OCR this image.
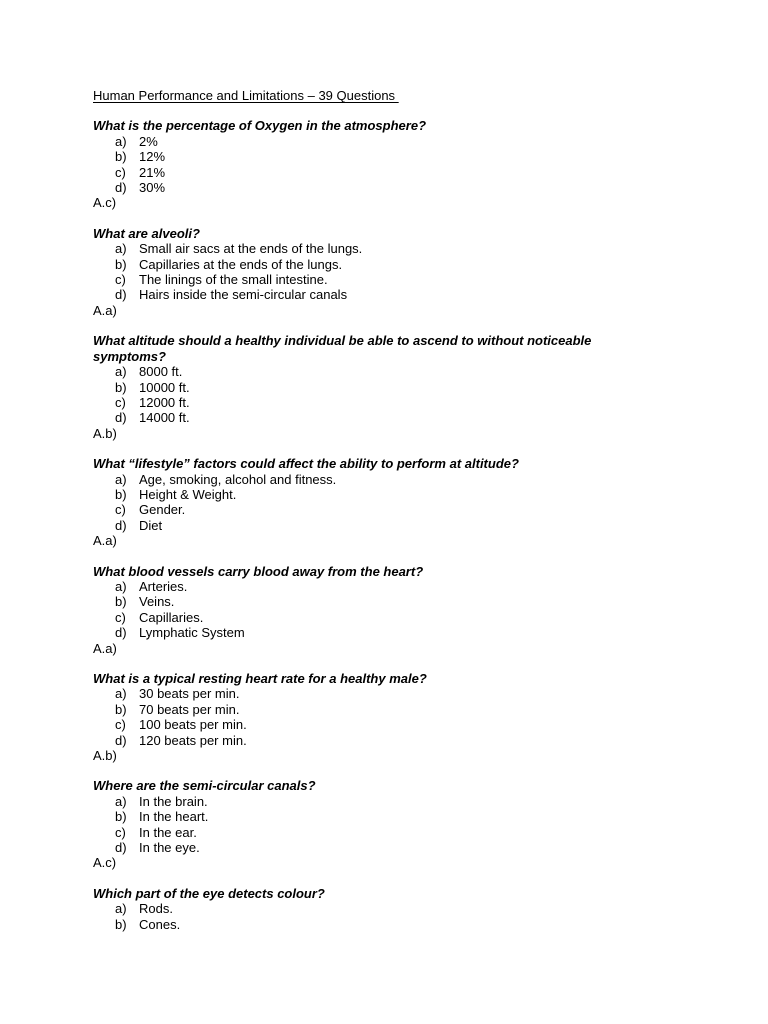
Human Performance and Limitations – 39 Questions

What is the percentage of Oxygen in the atmosphere?

a) 2%
b) 12%
c) 21%
d) 30%

A.c)

What are alveoli?

a) Small air sacs at the ends of the lungs.
b) Capillaries at the ends of the lungs.
c) The linings of the small intestine.
d) Hairs inside the semi-circular canals

A.a)

What altitude should a healthy individual be able to ascend to without noticeable symptoms?

a) 8000 ft.
b) 10000 ft.
c) 12000 ft.
d) 14000 ft.

A.b)

What “lifestyle” factors could affect the ability to perform at altitude?

a) Age, smoking, alcohol and fitness.
b) Height & Weight.
c) Gender.
d) Diet

A.a)

What blood vessels carry blood away from the heart?

a) Arteries.
b) Veins.
c) Capillaries.
d) Lymphatic System

A.a)

What is a typical resting heart rate for a healthy male?

a) 30 beats per min.
b) 70 beats per min.
c) 100 beats per min.
d) 120 beats per min.

A.b)

Where are the semi-circular canals?

a) In the brain.
b) In the heart.
c) In the ear.
d) In the eye.

A.c)

Which part of the eye detects colour?

a) Rods.
b) Cones.
